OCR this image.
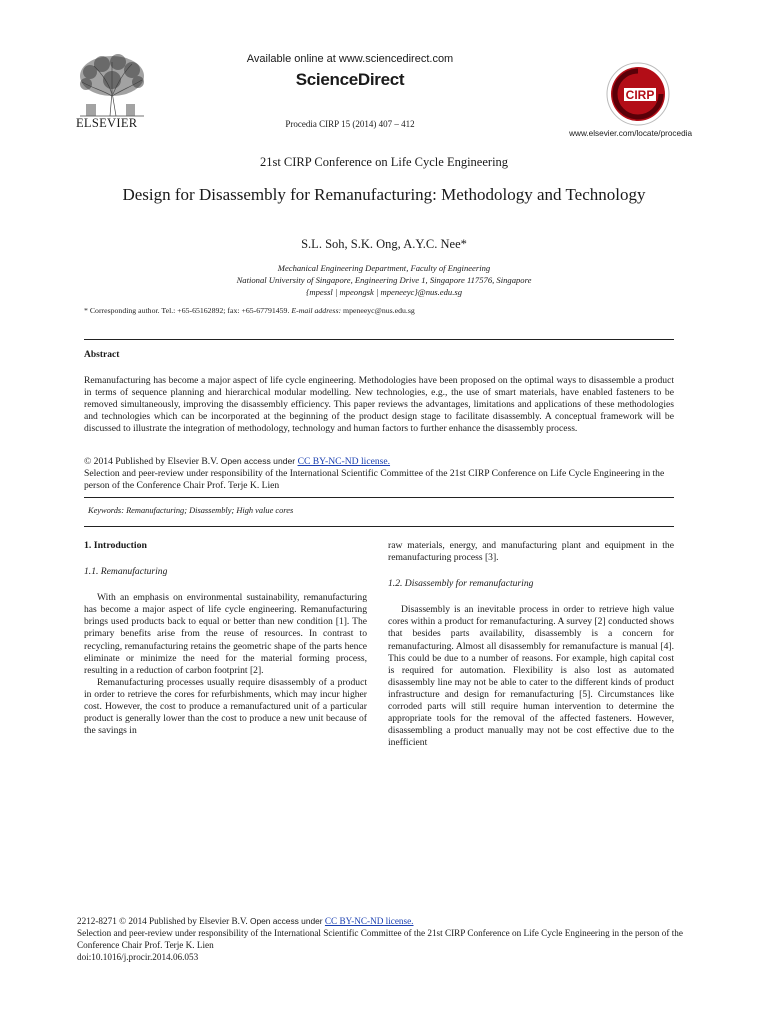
ELSEVIER
Available online at www.sciencedirect.com
ScienceDirect
Procedia CIRP 15 (2014) 407 – 412
CIRP
www.elsevier.com/locate/procedia
21st CIRP Conference on Life Cycle Engineering
Design for Disassembly for Remanufacturing: Methodology and Technology
S.L. Soh, S.K. Ong, A.Y.C. Nee*
Mechanical Engineering Department, Faculty of Engineering
National University of Singapore, Engineering Drive 1, Singapore 117576, Singapore
{mpessl | mpeongsk | mpeneeyc}@nus.edu.sg
* Corresponding author. Tel.: +65-65162892; fax: +65-67791459. E-mail address: mpeneeyc@nus.edu.sg
Abstract
Remanufacturing has become a major aspect of life cycle engineering. Methodologies have been proposed on the optimal ways to disassemble a product in terms of sequence planning and hierarchical modular modelling. New technologies, e.g., the use of smart materials, have enabled fasteners to be removed simultaneously, improving the disassembly efficiency. This paper reviews the advantages, limitations and applications of these methodologies and technologies which can be incorporated at the beginning of the product design stage to facilitate disassembly. A conceptual framework will be discussed to illustrate the integration of methodology, technology and human factors to further enhance the disassembly process.
© 2014 Published by Elsevier B.V. Open access under CC BY-NC-ND license.
Selection and peer-review under responsibility of the International Scientific Committee of the 21st CIRP Conference on Life Cycle Engineering in the person of the Conference Chair Prof. Terje K. Lien
Keywords: Remanufacturing; Disassembly; High value cores
1. Introduction
1.1. Remanufacturing

With an emphasis on environmental sustainability, remanufacturing has become a major aspect of life cycle engineering. Remanufacturing brings used products back to equal or better than new condition [1]. The primary benefits arise from the reuse of resources. In contrast to recycling, remanufacturing retains the geometric shape of the parts hence eliminate or minimize the need for the material forming process, resulting in a reduction of carbon footprint [2].

Remanufacturing processes usually require disassembly of a product in order to retrieve the cores for refurbishments, which may incur higher cost. However, the cost to produce a remanufactured unit of a particular product is generally lower than the cost to produce a new unit because of the savings in

raw materials, energy, and manufacturing plant and equipment in the remanufacturing process [3].

1.2. Disassembly for remanufacturing

Disassembly is an inevitable process in order to retrieve high value cores within a product for remanufacturing. A survey [2] conducted shows that besides parts availability, disassembly is a concern for remanufacturing. Almost all disassembly for remanufacture is manual [4]. This could be due to a number of reasons. For example, high capital cost is required for automation. Flexibility is also lost as automated disassembly line may not be able to cater to the different kinds of product infrastructure and design for remanufacturing [5]. Circumstances like corroded parts will still require human intervention to determine the appropriate tools for the removal of the affected fasteners. However, disassembling a product manually may not be cost effective due to the inefficient

2212-8271 © 2014 Published by Elsevier B.V. Open access under CC BY-NC-ND license.
Selection and peer-review under responsibility of the International Scientific Committee of the 21st CIRP Conference on Life Cycle Engineering in the person of the Conference Chair Prof. Terje K. Lien
doi:10.1016/j.procir.2014.06.053
